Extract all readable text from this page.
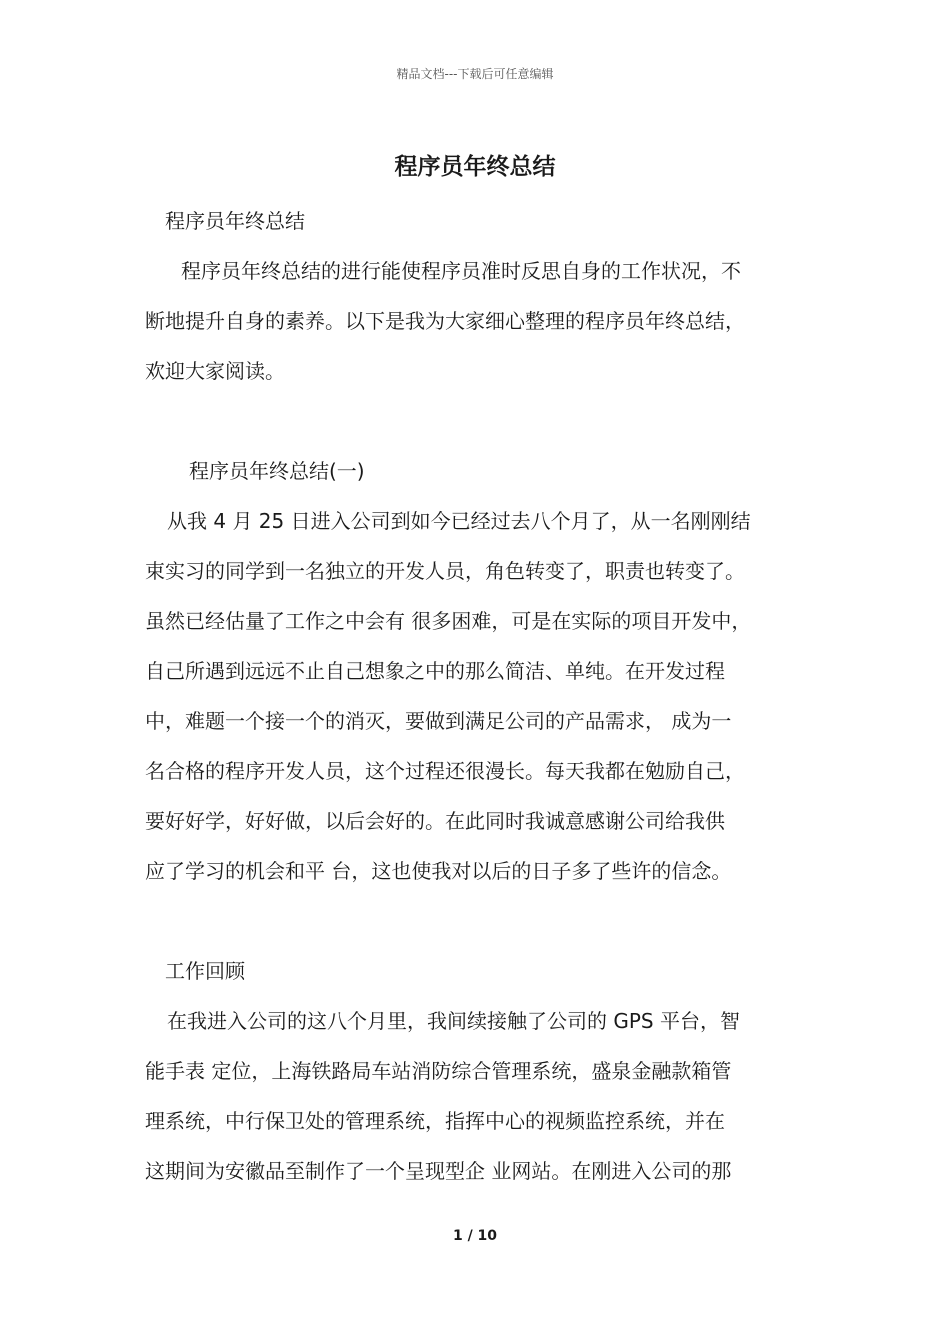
精品文档---下载后可任意编辑
程序员年终总结
程序员年终总结
程序员年终总结的进行能使程序员准时反思自身的工作状况，不
断地提升自身的素养。以下是我为大家细心整理的程序员年终总结，
欢迎大家阅读。
程序员年终总结(一)
从我 4 月 25 日进入公司到如今已经过去八个月了，从一名刚刚结
束实习的同学到一名独立的开发人员，角色转变了，职责也转变了。
虽然已经估量了工作之中会有 很多困难，可是在实际的项目开发中，
自己所遇到远远不止自己想象之中的那么简洁、单纯。在开发过程
中，难题一个接一个的消灭，要做到满足公司的产品需求， 成为一
名合格的程序开发人员，这个过程还很漫长。每天我都在勉励自己，
要好好学，好好做，以后会好的。在此同时我诚意感谢公司给我供
应了学习的机会和平 台，这也使我对以后的日子多了些许的信念。
工作回顾
在我进入公司的这八个月里，我间续接触了公司的 GPS 平台，智
能手表 定位，上海铁路局车站消防综合管理系统，盛泉金融款箱管
理系统，中行保卫处的管理系统，指挥中心的视频监控系统，并在
这期间为安徽品至制作了一个呈现型企 业网站。在刚进入公司的那
1 / 10
